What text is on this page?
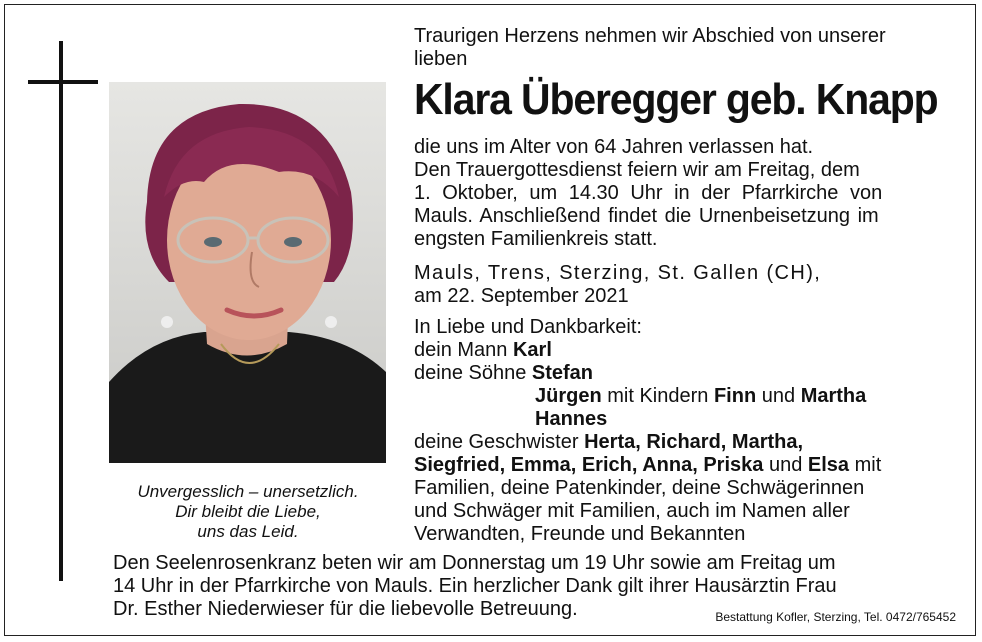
Unvergesslich – unersetzlich.
Dir bleibt die Liebe,
uns das Leid.
Traurigen Herzens nehmen wir Abschied von unserer
lieben
Klara Überegger geb. Knapp
die uns im Alter von 64 Jahren verlassen hat.
Den Trauergottesdienst feiern wir am Freitag, dem
1. Oktober, um 14.30 Uhr in der Pfarrkirche von
Mauls. Anschließend findet die Urnenbeisetzung im
engsten Familienkreis statt.
Mauls, Trens, Sterzing, St. Gallen (CH),
am 22. September 2021
In Liebe und Dankbarkeit:
dein Mann Karl
deine Söhne Stefan
Jürgen mit Kindern Finn und Martha
Hannes
deine Geschwister Herta, Richard, Martha,
Siegfried, Emma, Erich, Anna, Priska und Elsa mit
Familien, deine Patenkinder, deine Schwägerinnen
und Schwäger mit Familien, auch im Namen aller
Verwandten, Freunde und Bekannten
Den Seelenrosenkranz beten wir am Donnerstag um 19 Uhr sowie am Freitag um
14 Uhr in der Pfarrkirche von Mauls. Ein herzlicher Dank gilt ihrer Hausärztin Frau
Dr. Esther Niederwieser für die liebevolle Betreuung.	Bestattung Kofler, Sterzing, Tel. 0472/765452
